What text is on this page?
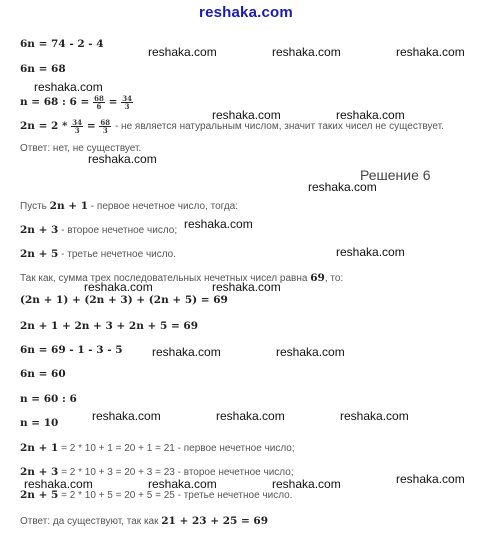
reshaka.com
6n = 74 - 2 - 4
6n = 68
n = 68 : $6 = \frac{68}{6} = \frac{34}{3}$
$2n = 2 * \frac{34}{3} = \frac{68}{3}$ - не является натуральным числом, значит таких чисел не существует.
Ответ: нет, не существует.
Решение 6
Пусть 2n + 1 - первое нечетное число, тогда:
2n + 3 - второе нечетное число;
2n + 5 - третье нечетное число.
Так как, сумма трех последовательных нечетных чисел равна 69, то:
(2n + 1) + (2n + 3) + (2n + 5) = 69
2n + 1 + 2n + 3 + 2n + 5 = 69
6n = 69 - 1 - 3 - 5
6n = 60
n = 60 : 6
n = 10
2n + 1 = 2 * 10 + 1 = 20 + 1 = 21 - первое нечетное число;
2n + 3 = 2 * 10 + 3 = 20 + 3 = 23 - второе нечетное число;
2n + 5 = 2 * 10 + 5 = 20 + 5 = 25 - третье нечетное число.
Ответ: да существуют, так как 21 + 23 + 25 = 69
reshaka.com	reshaka.com	reshaka.com
reshaka.com
reshaka.com	reshaka.com
reshaka.com
reshaka.com
reshaka.com
reshaka.com
reshaka.com	reshaka.com
reshaka.com	reshaka.com
reshaka.com	reshaka.com	reshaka.com
reshaka.com	reshaka.com	reshaka.com	reshaka.com
